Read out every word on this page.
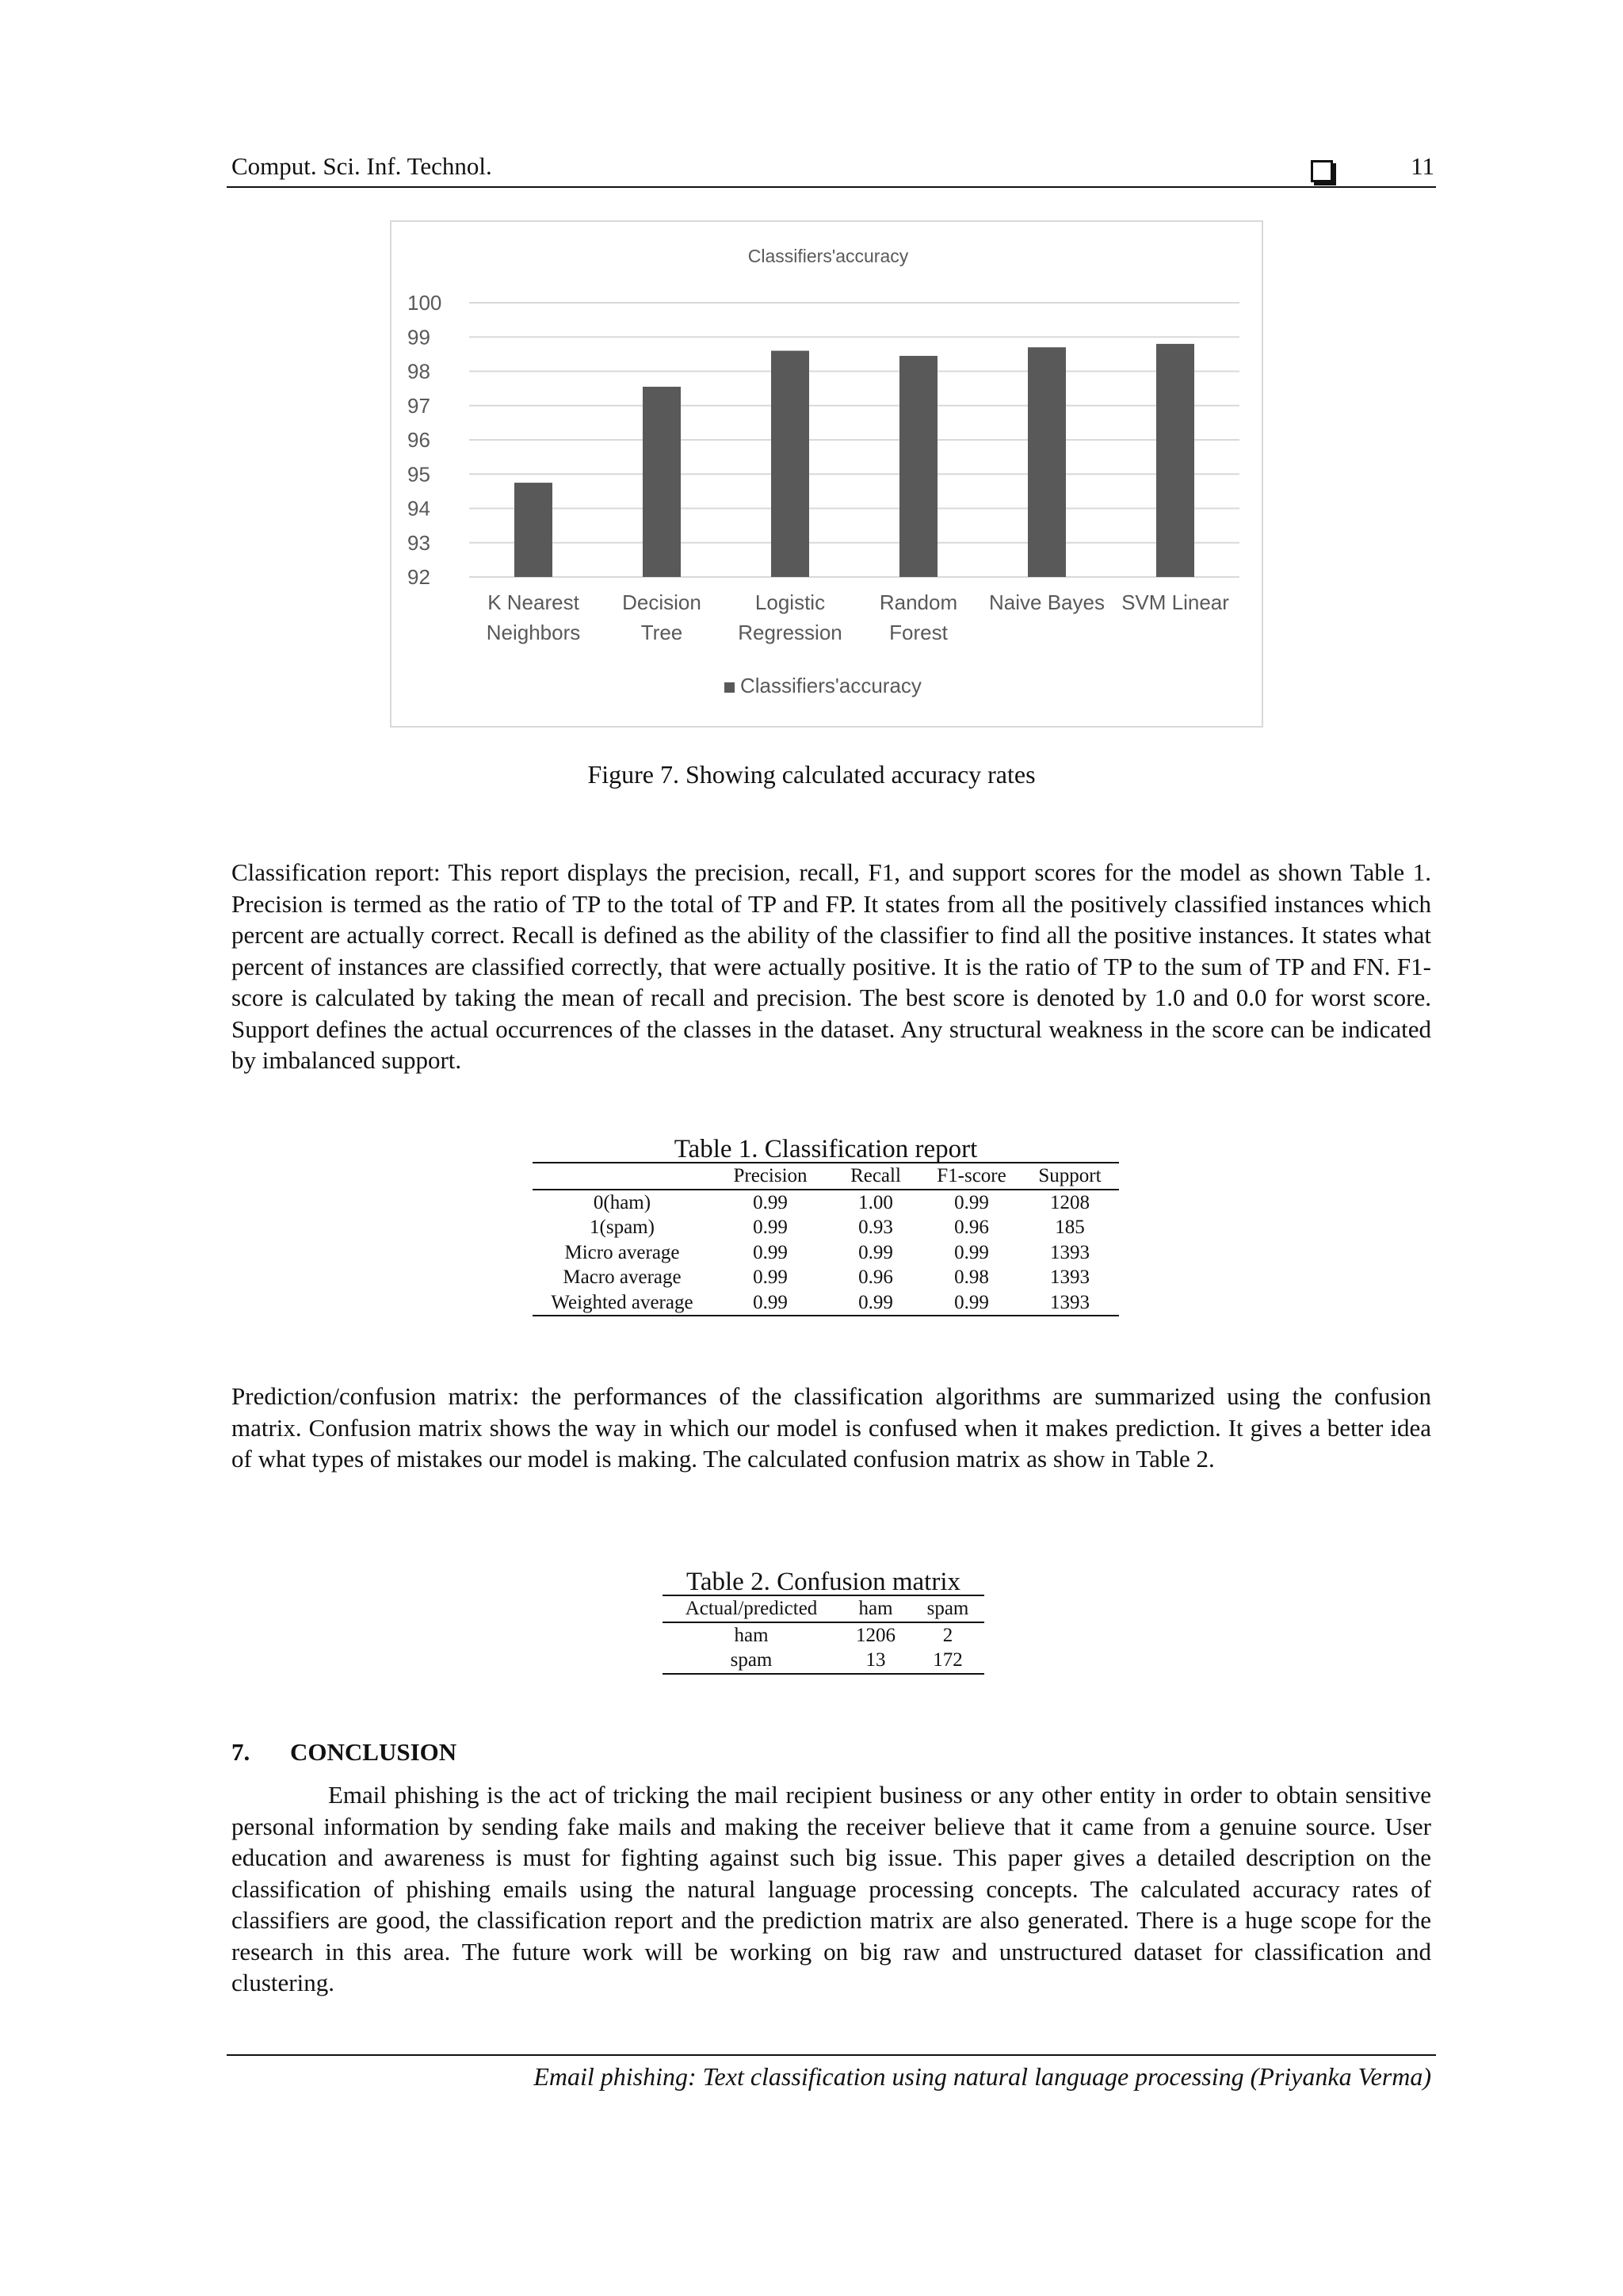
Comput. Sci. Inf. Technol.	11
Classifiers'accuracy
92
93
94
95
96
97
98
99
100
K Nearest
Neighbors
Decision
Tree
Logistic
Regression
Random
Forest
Naive Bayes SVM Linear
Classifiers'accuracy
Figure 7. Showing calculated accuracy rates
Classification report: This report displays the precision, recall, F1, and support scores for the model as shown Table 1. Precision is termed as the ratio of TP to the total of TP and FP. It states from all the positively classified instances which percent are actually correct. Recall is defined as the ability of the classifier to find all the positive instances. It states what percent of instances are classified correctly, that were actually positive. It is the ratio of TP to the sum of TP and FN. F1-score is calculated by taking the mean of recall and precision. The best score is denoted by 1.0 and 0.0 for worst score. Support defines the actual occurrences of the classes in the dataset. Any structural weakness in the score can be indicated by imbalanced support.
Table 1. Classification report
	Precision	Recall	F1-score	Support
0(ham)	0.99	1.00	0.99	1208
1(spam)	0.99	0.93	0.96	185
Micro average	0.99	0.99	0.99	1393
Macro average	0.99	0.96	0.98	1393
Weighted average	0.99	0.99	0.99	1393
Prediction/confusion matrix: the performances of the classification algorithms are summarized using the confusion matrix. Confusion matrix shows the way in which our model is confused when it makes prediction. It gives a better idea of what types of mistakes our model is making. The calculated confusion matrix as show in Table 2.
Table 2. Confusion matrix
Actual/predicted	ham	spam
ham	1206	2
spam	13	172
7. CONCLUSION
Email phishing is the act of tricking the mail recipient business or any other entity in order to obtain sensitive personal information by sending fake mails and making the receiver believe that it came from a genuine source. User education and awareness is must for fighting against such big issue. This paper gives a detailed description on the classification of phishing emails using the natural language processing concepts. The calculated accuracy rates of classifiers are good, the classification report and the prediction matrix are also generated. There is a huge scope for the research in this area. The future work will be working on big raw and unstructured dataset for classification and clustering.
Email phishing: Text classification using natural language processing (Priyanka Verma)
